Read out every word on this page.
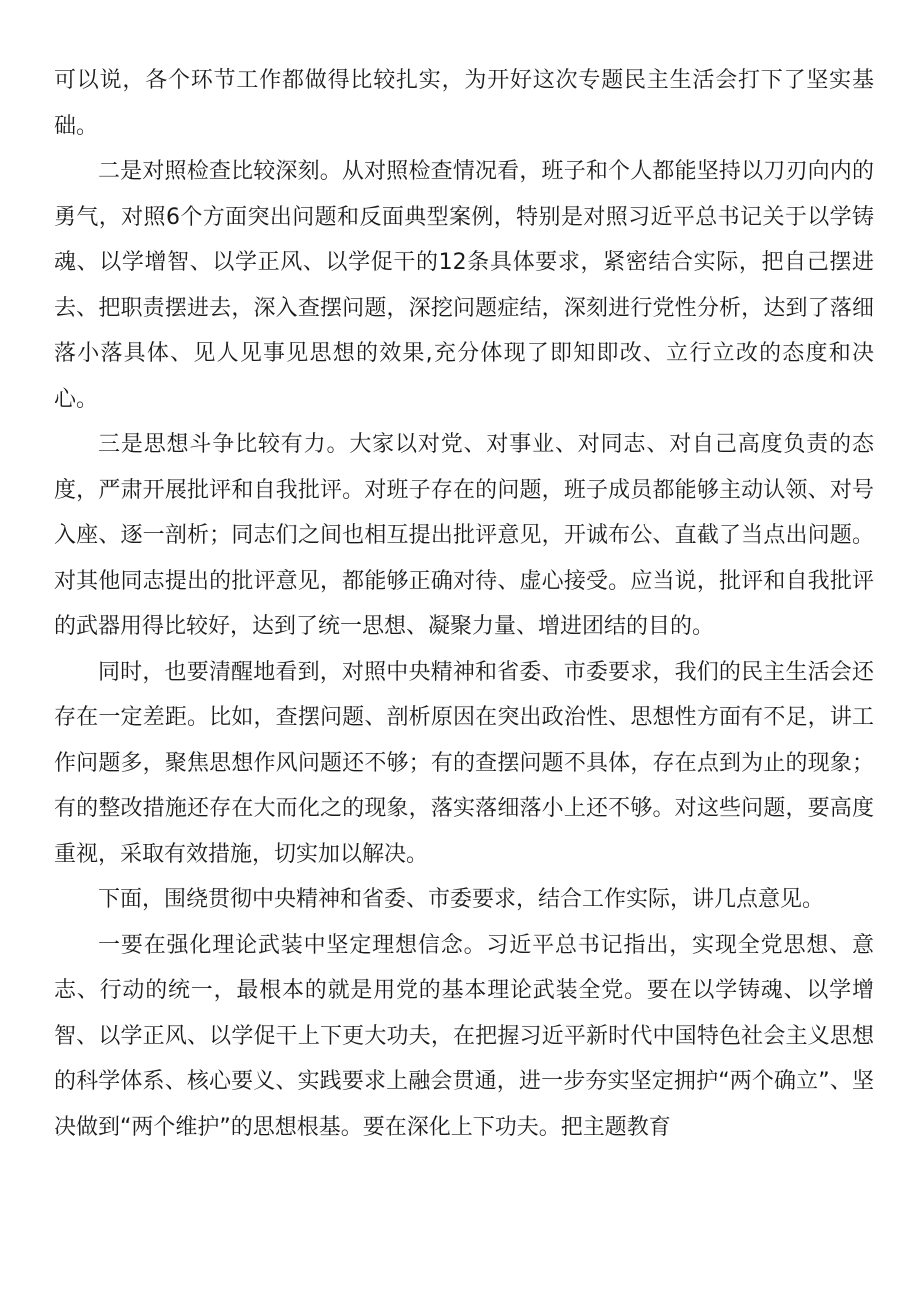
可以说，各个环节工作都做得比较扎实，为开好这次专题民主生活会打下了坚实基础。

二是对照检查比较深刻。从对照检查情况看，班子和个人都能坚持以刀刃向内的勇气，对照6个方面突出问题和反面典型案例，特别是对照习近平总书记关于以学铸魂、以学增智、以学正风、以学促干的12条具体要求，紧密结合实际，把自己摆进去、把职责摆进去，深入查摆问题，深挖问题症结，深刻进行党性分析，达到了落细落小落具体、见人见事见思想的效果,充分体现了即知即改、立行立改的态度和决心。

三是思想斗争比较有力。大家以对党、对事业、对同志、对自己高度负责的态度，严肃开展批评和自我批评。对班子存在的问题，班子成员都能够主动认领、对号入座、逐一剖析；同志们之间也相互提出批评意见，开诚布公、直截了当点出问题。对其他同志提出的批评意见，都能够正确对待、虚心接受。应当说，批评和自我批评的武器用得比较好，达到了统一思想、凝聚力量、增进团结的目的。

同时，也要清醒地看到，对照中央精神和省委、市委要求，我们的民主生活会还存在一定差距。比如，查摆问题、剖析原因在突出政治性、思想性方面有不足，讲工作问题多，聚焦思想作风问题还不够；有的查摆问题不具体，存在点到为止的现象；有的整改措施还存在大而化之的现象，落实落细落小上还不够。对这些问题，要高度重视，采取有效措施，切实加以解决。

下面，围绕贯彻中央精神和省委、市委要求，结合工作实际，讲几点意见。

一要在强化理论武装中坚定理想信念。习近平总书记指出，实现全党思想、意志、行动的统一，最根本的就是用党的基本理论武装全党。要在以学铸魂、以学增智、以学正风、以学促干上下更大功夫，在把握习近平新时代中国特色社会主义思想的科学体系、核心要义、实践要求上融会贯通，进一步夯实坚定拥护“两个确立”、坚决做到“两个维护”的思想根基。要在深化上下功夫。把主题教育
